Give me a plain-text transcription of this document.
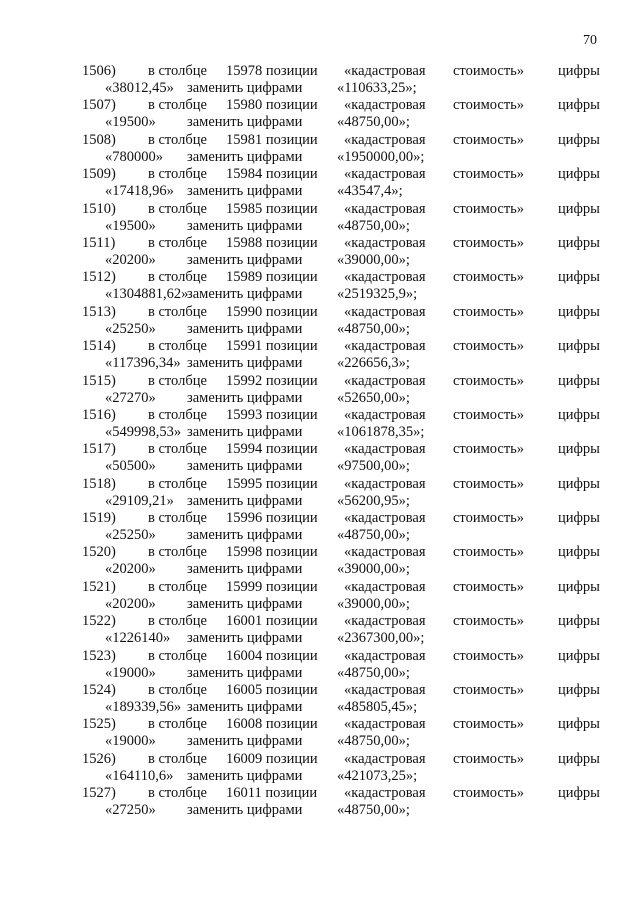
70
1506) в столбце 15978 позиции «кадастровая стоимость» цифры
«38012,45» заменить цифрами «110633,25»;
1507) в столбце 15980 позиции «кадастровая стоимость» цифры
«19500» заменить цифрами «48750,00»;
1508) в столбце 15981 позиции «кадастровая стоимость» цифры
«780000» заменить цифрами «1950000,00»;
1509) в столбце 15984 позиции «кадастровая стоимость» цифры
«17418,96» заменить цифрами «43547,4»;
1510) в столбце 15985 позиции «кадастровая стоимость» цифры
«19500» заменить цифрами «48750,00»;
1511) в столбце 15988 позиции «кадастровая стоимость» цифры
«20200» заменить цифрами «39000,00»;
1512) в столбце 15989 позиции «кадастровая стоимость» цифры
«1304881,62»
заменить цифрами «2519325,9»;
1513) в столбце 15990 позиции «кадастровая стоимость» цифры
«25250» заменить цифрами «48750,00»;
1514) в столбце 15991 позиции «кадастровая стоимость» цифры
«117396,34» заменить цифрами «226656,3»;
1515) в столбце 15992 позиции «кадастровая стоимость» цифры
«27270» заменить цифрами «52650,00»;
1516) в столбце 15993 позиции «кадастровая стоимость» цифры
«549998,53» заменить цифрами «1061878,35»;
1517) в столбце 15994 позиции «кадастровая стоимость» цифры
«50500» заменить цифрами «97500,00»;
1518) в столбце 15995 позиции «кадастровая стоимость» цифры
«29109,21» заменить цифрами «56200,95»;
1519) в столбце 15996 позиции «кадастровая стоимость» цифры
«25250» заменить цифрами «48750,00»;
1520) в столбце 15998 позиции «кадастровая стоимость» цифры
«20200» заменить цифрами «39000,00»;
1521) в столбце 15999 позиции «кадастровая стоимость» цифры
«20200» заменить цифрами «39000,00»;
1522) в столбце 16001 позиции «кадастровая стоимость» цифры
«1226140» заменить цифрами «2367300,00»;
1523) в столбце 16004 позиции «кадастровая стоимость» цифры
«19000» заменить цифрами «48750,00»;
1524) в столбце 16005 позиции «кадастровая стоимость» цифры
«189339,56» заменить цифрами «485805,45»;
1525) в столбце 16008 позиции «кадастровая стоимость» цифры
«19000» заменить цифрами «48750,00»;
1526) в столбце 16009 позиции «кадастровая стоимость» цифры
«164110,6» заменить цифрами «421073,25»;
1527) в столбце 16011 позиции «кадастровая стоимость» цифры
«27250» заменить цифрами «48750,00»;
